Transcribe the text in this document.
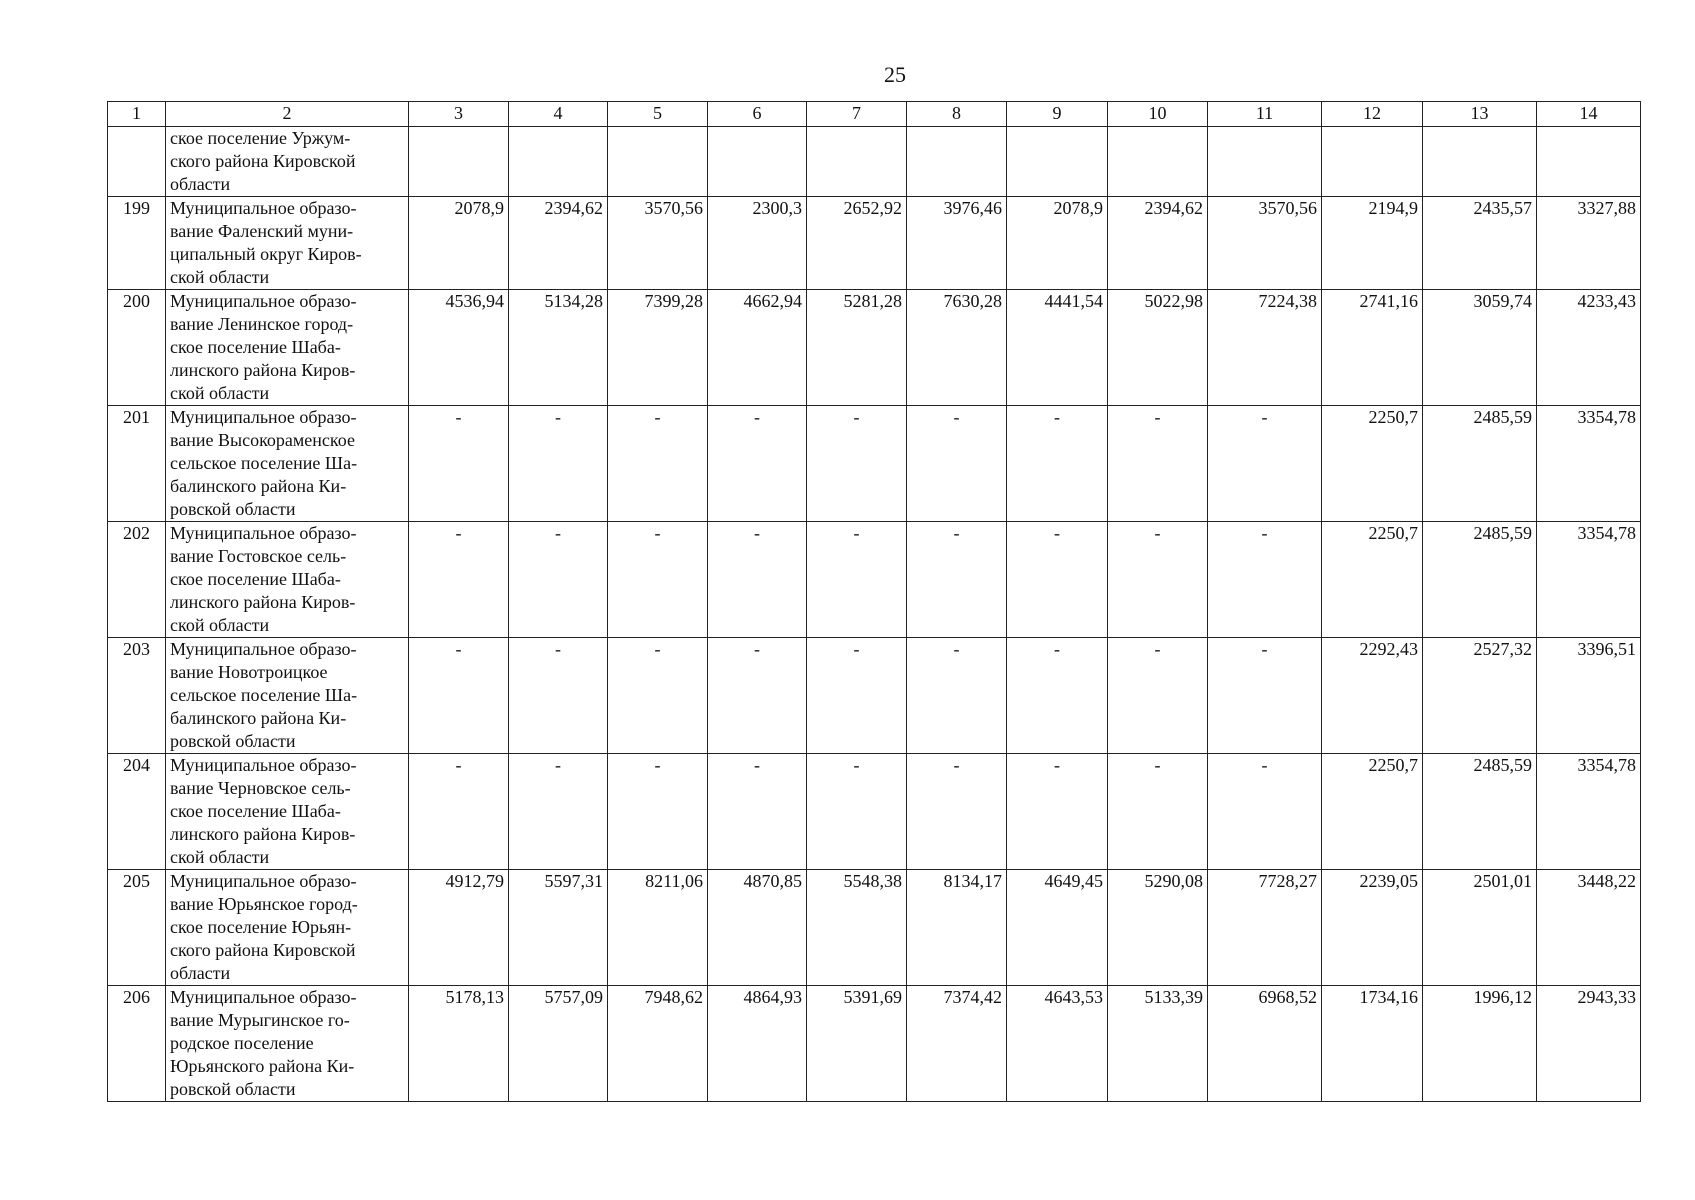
25
1	2	3	4	5	6	7	8	9	10	11	12	13	14
	ское поселение Уржум-
ского района Кировской
области												
199	Муниципальное образо-
вание Фаленский муни-
ципальный округ Киров-
ской области	2078,9	2394,62	3570,56	2300,3	2652,92	3976,46	2078,9	2394,62	3570,56	2194,9	2435,57	3327,88
200	Муниципальное образо-
вание Ленинское город-
ское поселение Шаба-
линского района Киров-
ской области	4536,94	5134,28	7399,28	4662,94	5281,28	7630,28	4441,54	5022,98	7224,38	2741,16	3059,74	4233,43
201	Муниципальное образо-
вание Высокораменское
сельское поселение Ша-
балинского района Ки-
ровской области	-	-	-	-	-	-	-	-	-	2250,7	2485,59	3354,78
202	Муниципальное образо-
вание Гостовское сель-
ское поселение Шаба-
линского района Киров-
ской области	-	-	-	-	-	-	-	-	-	2250,7	2485,59	3354,78
203	Муниципальное образо-
вание Новотроицкое
сельское поселение Ша-
балинского района Ки-
ровской области	-	-	-	-	-	-	-	-	-	2292,43	2527,32	3396,51
204	Муниципальное образо-
вание Черновское сель-
ское поселение Шаба-
линского района Киров-
ской области	-	-	-	-	-	-	-	-	-	2250,7	2485,59	3354,78
205	Муниципальное образо-
вание Юрьянское город-
ское поселение Юрьян-
ского района Кировской
области	4912,79	5597,31	8211,06	4870,85	5548,38	8134,17	4649,45	5290,08	7728,27	2239,05	2501,01	3448,22
206	Муниципальное образо-
вание Мурыгинское го-
родское поселение
Юрьянского района Ки-
ровской области	5178,13	5757,09	7948,62	4864,93	5391,69	7374,42	4643,53	5133,39	6968,52	1734,16	1996,12	2943,33
